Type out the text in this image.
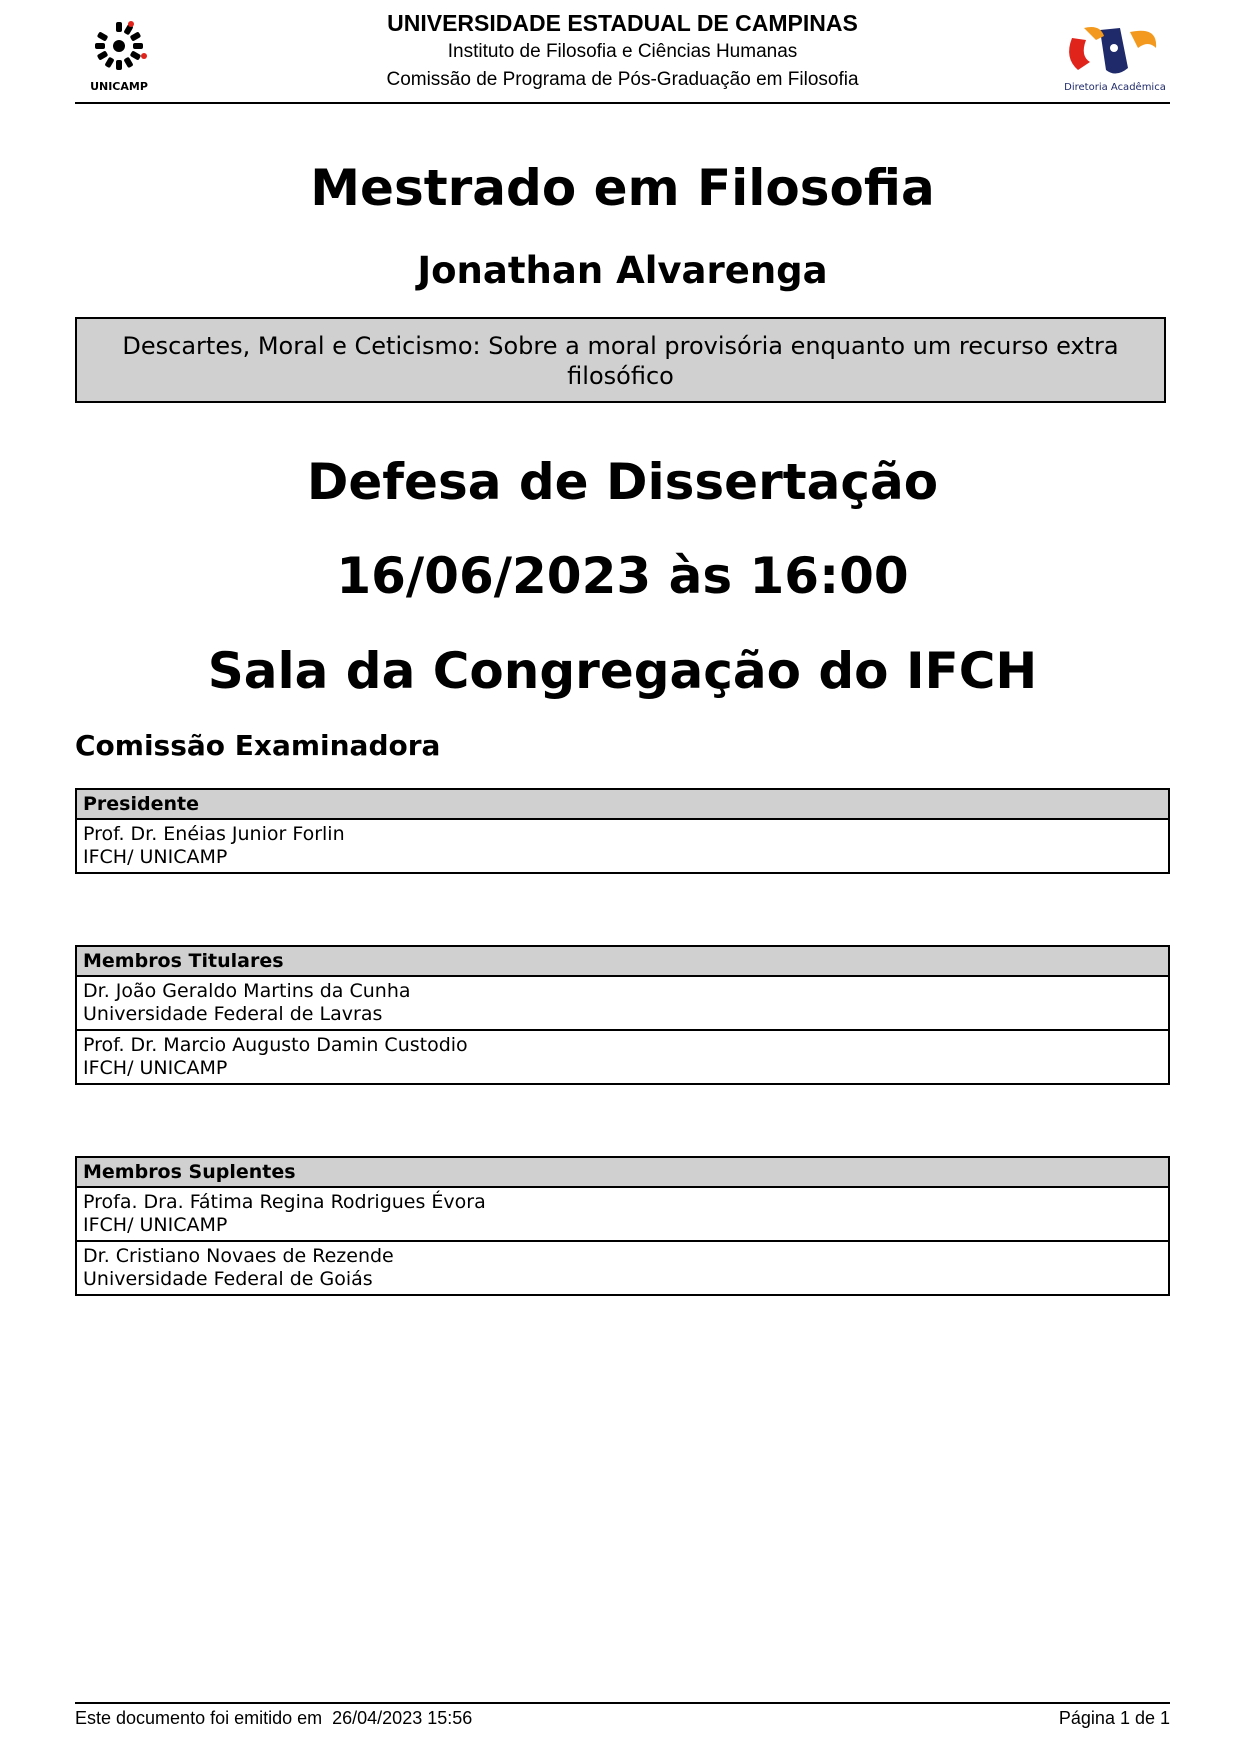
UNICAMP
UNIVERSIDADE ESTADUAL DE CAMPINAS
Instituto de Filosofia e Ciências Humanas
Comissão de Programa de Pós-Graduação em Filosofia	Diretoria Acadêmica
Mestrado em Filosofia
Jonathan Alvarenga
Descartes, Moral e Ceticismo: Sobre a moral provisória enquanto um recurso extra filosófico
Defesa de Dissertação
16/06/2023 às 16:00
Sala da Congregação do IFCH
Comissão Examinadora
Presidente

Prof. Dr. Enéias Junior Forlin
IFCH/ UNICAMP
Membros Titulares

Dr. João Geraldo Martins da Cunha
Universidade Federal de Lavras

Prof. Dr. Marcio Augusto Damin Custodio
IFCH/ UNICAMP
Membros Suplentes

Profa. Dra. Fátima Regina Rodrigues Évora
IFCH/ UNICAMP

Dr. Cristiano Novaes de Rezende
Universidade Federal de Goiás
Este documento foi emitido em  26/04/2023 15:56	Página 1 de 1
